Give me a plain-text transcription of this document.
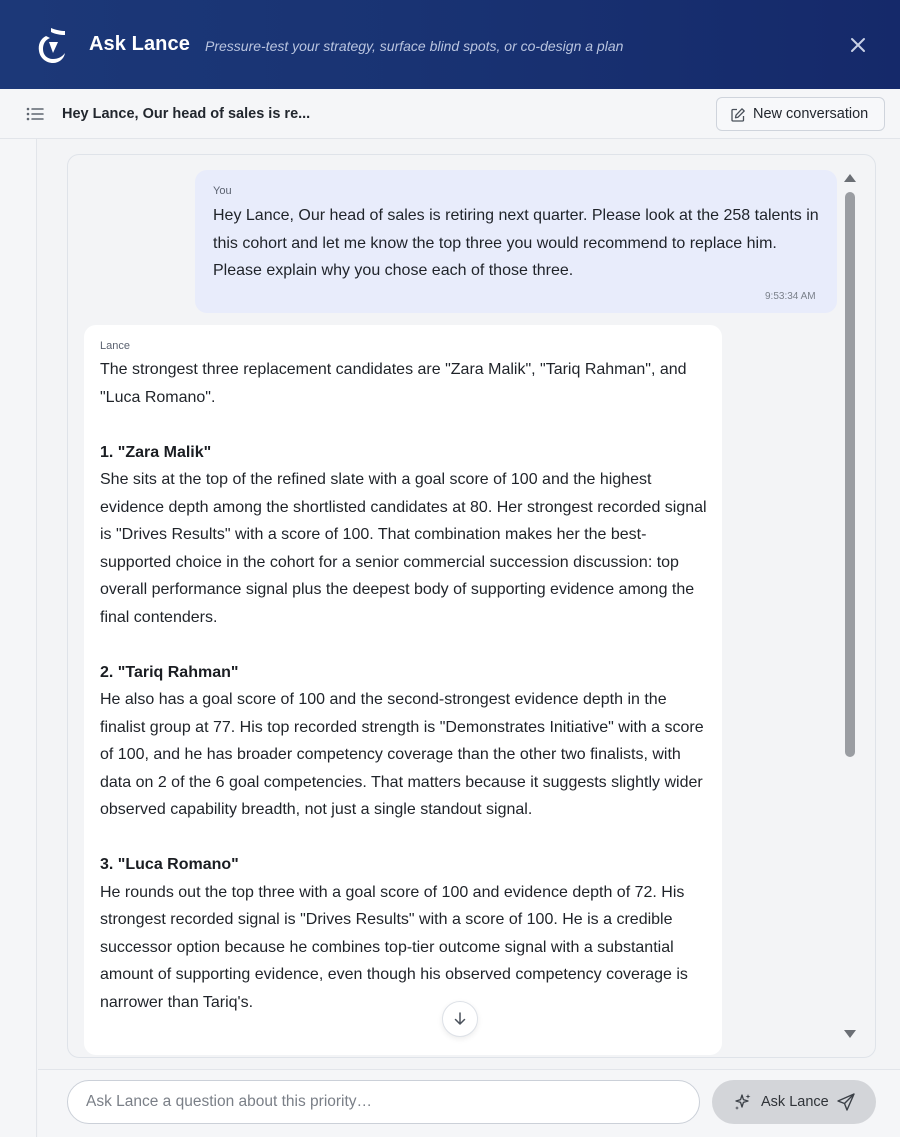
Ask Lance Pressure-test your strategy, surface blind spots, or co-design a plan
Hey Lance, Our head of sales is re...	New conversation
You
Hey Lance, Our head of sales is retiring next quarter. Please look at the 258 talents in this cohort and let me know the top three you would recommend to replace him. Please explain why you chose each of those three.
9:53:34 AM
Lance

The strongest three replacement candidates are "Zara Malik", "Tariq Rahman", and "Luca Romano".

1. "Zara Malik"

She sits at the top of the refined slate with a goal score of 100 and the highest evidence depth among the shortlisted candidates at 80. Her strongest recorded signal is "Drives Results" with a score of 100. That combination makes her the best-supported choice in the cohort for a senior commercial succession discussion: top overall performance signal plus the deepest body of supporting evidence among the final contenders.

2. "Tariq Rahman"

He also has a goal score of 100 and the second-strongest evidence depth in the finalist group at 77. His top recorded strength is "Demonstrates Initiative" with a score of 100, and he has broader competency coverage than the other two finalists, with data on 2 of the 6 goal competencies. That matters because it suggests slightly wider observed capability breadth, not just a single standout signal.

3. "Luca Romano"

He rounds out the top three with a goal score of 100 and evidence depth of 72. His strongest recorded signal is "Drives Results" with a score of 100. He is a credible successor option because he combines top-tier outcome signal with a substantial amount of supporting evidence, even though his observed competency coverage is narrower than Tariq's.

Ask Lance a question about this priority…
Ask Lance
